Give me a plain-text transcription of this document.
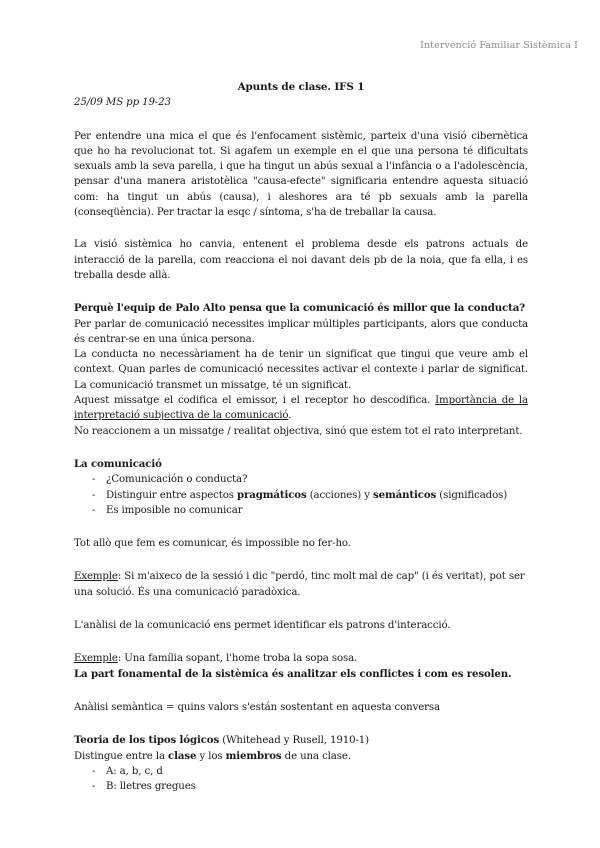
Intervenció Familiar Sistèmica I

Apunts de clase. IFS 1

25/09 MS pp 19-23

Per entendre una mica el que és l'enfocament sistèmic, parteix d'una visió cibernètica que ho ha revolucionat tot. Si agafem un exemple en el que una persona té dificultats sexuals amb la seva parella, i que ha tingut un abús sexual a l'infància o a l'adolescència, pensar d'una manera aristotèlica "causa-efecte" significaria entendre aquesta situació com: ha tingut un abús (causa), i aleshores ara té pb sexuals amb la parella (conseqüència). Per tractar la esqc / síntoma, s'ha de treballar la causa.

La visió sistèmica ho canvia, entenent el problema desde els patrons actuals de interacció de la parella, com reacciona el noi davant dels pb de la noia, que fa ella, i es treballa desde allà.

Perquè l'equip de Palo Alto pensa que la comunicació és millor que la conducta?

Per parlar de comunicació necessites implicar múltiples participants, alors que conducta és centrar-se en una única persona.

La conducta no necessàriament ha de tenir un significat que tingui que veure amb el context. Quan parles de comunicació necessites activar el contexte i parlar de significat. La comunicació transmet un missatge, té un significat.

Aquest missatge el codifica el emissor, i el receptor ho descodifica. Importància de la interpretació subjectiva de la comunicació.

No reaccionem a un missatge / realitat objectiva, sinó que estem tot el rato interpretant.

La comunicació

- ¿Comunicación o conducta?
- Distinguir entre aspectos pragmáticos (acciones) y semánticos (significados)
- Es imposible no comunicar

Tot allò que fem es comunicar, és impossible no fer-ho.

Exemple: Si m'aixeco de la sessió i dic "perdó, tinc molt mal de cap" (i és veritat), pot ser una solució. És una comunicació paradòxica.

L'anàlisi de la comunicació ens permet identificar els patrons d'interacció.

Exemple: Una família sopant, l'home troba la sopa sosa.

La part fonamental de la sistèmica és analitzar els conflictes i com es resolen.

Anàlisi semàntica = quins valors s'están sostentant en aquesta conversa

Teoria de los tipos lógicos (Whitehead y Rusell, 1910-1)

Distingue entre la clase y los miembros de una clase.

- A: a, b, c, d
- B: lletres gregues
